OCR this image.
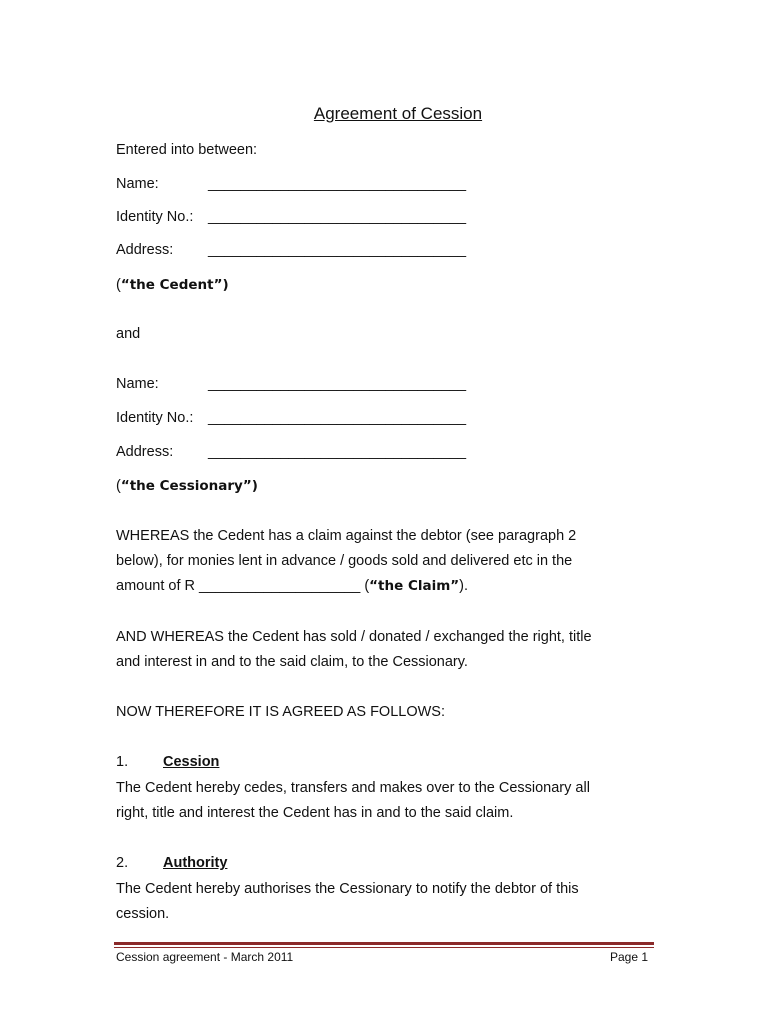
Agreement of Cession
Entered into between:
Name:	________________________________
Identity No.: ________________________________
Address: ________________________________
(“the Cedent”)
and
Name:	________________________________
Identity No.: ________________________________
Address: ________________________________
(“the Cessionary”)
WHEREAS the Cedent has a claim against the debtor (see paragraph 2
below), for monies lent in advance / goods sold and delivered etc in the
amount of R ____________________ (“the Claim”).
AND WHEREAS the Cedent has sold / donated / exchanged the right, title
and interest in and to the said claim, to the Cessionary.
NOW THEREFORE IT IS AGREED AS FOLLOWS:
1. Cession
The Cedent hereby cedes, transfers and makes over to the Cessionary all
right, title and interest the Cedent has in and to the said claim.
2. Authority
The Cedent hereby authorises the Cessionary to notify the debtor of this
cession.
Cession agreement - March 2011	Page 1
